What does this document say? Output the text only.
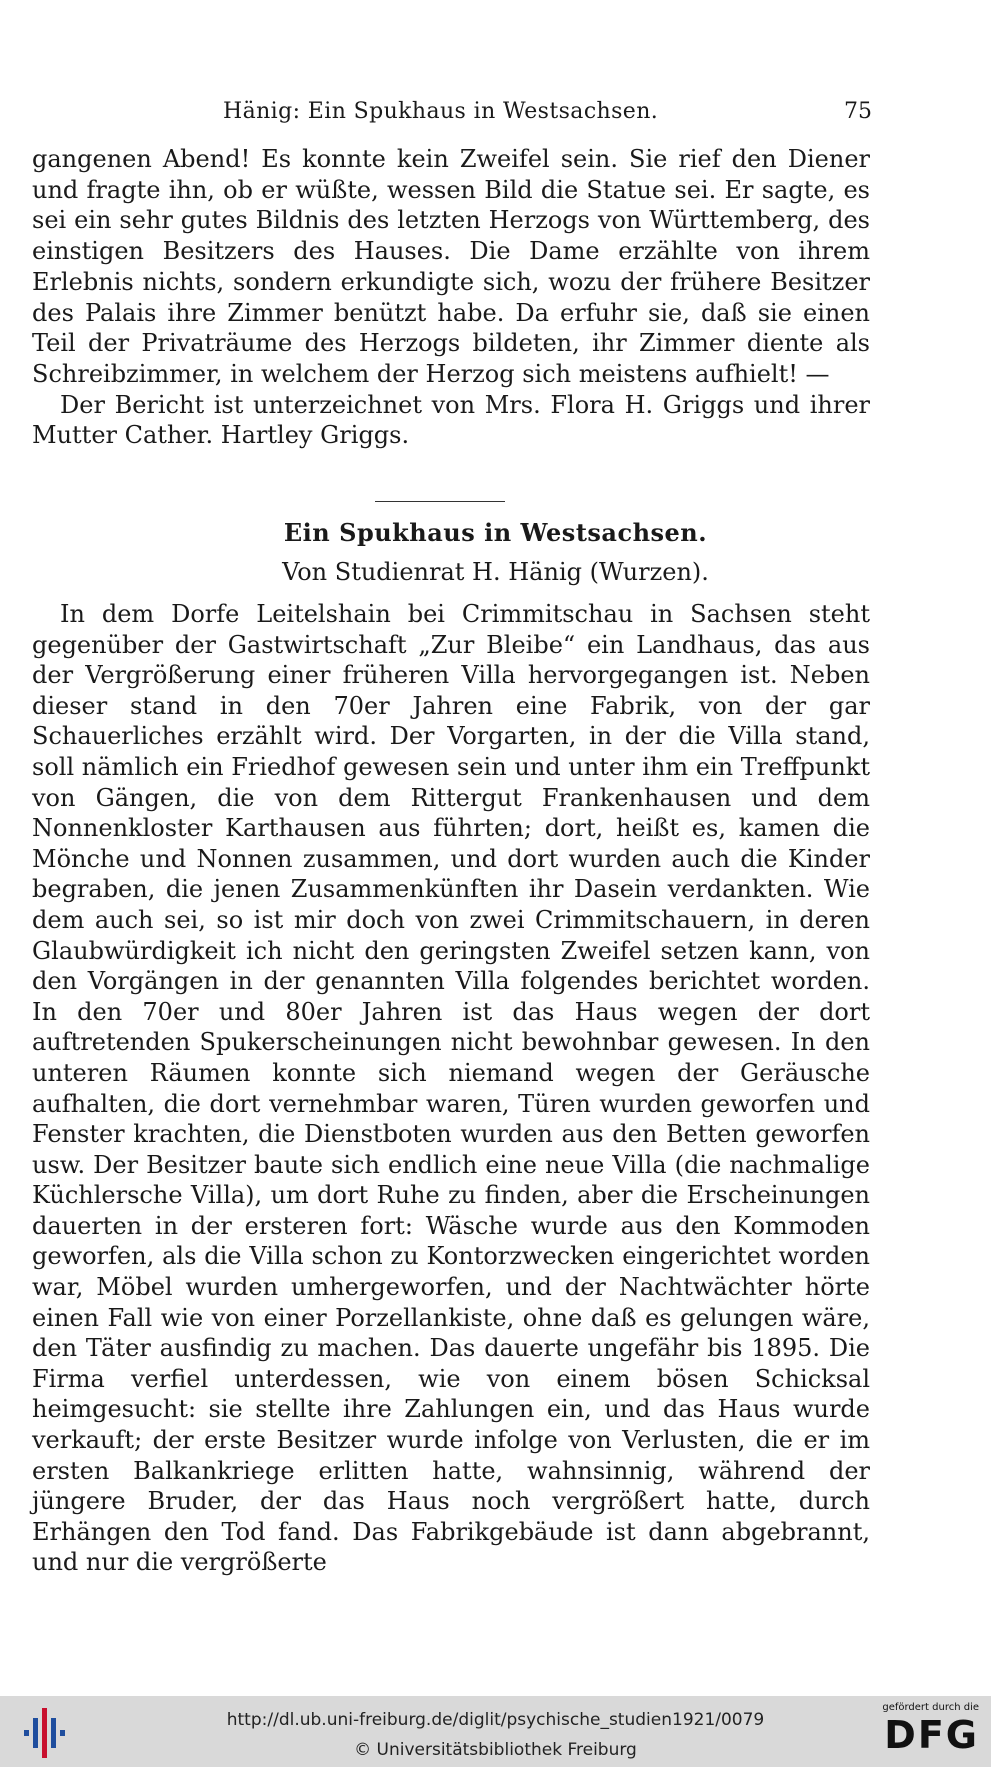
Hänig: Ein Spukhaus in Westsachsen.	75

gangenen Abend! Es konnte kein Zweifel sein. Sie rief den Diener und fragte ihn, ob er wüßte, wessen Bild die Statue sei. Er sagte, es sei ein sehr gutes Bildnis des letzten Herzogs von Württemberg, des einstigen Besitzers des Hauses. Die Dame erzählte von ihrem Erlebnis nichts, sondern erkundigte sich, wozu der frühere Besitzer des Palais ihre Zimmer benützt habe. Da erfuhr sie, daß sie einen Teil der Privaträume des Herzogs bildeten, ihr Zimmer diente als Schreibzimmer, in welchem der Herzog sich meistens aufhielt! —

Der Bericht ist unterzeichnet von Mrs. Flora H. Griggs und ihrer Mutter Cather. Hartley Griggs.

Ein Spukhaus in Westsachsen.
Von Studienrat H. Hänig (Wurzen).

In dem Dorfe Leitelshain bei Crimmitschau in Sachsen steht gegenüber der Gastwirtschaft „Zur Bleibe“ ein Landhaus, das aus der Vergrößerung einer früheren Villa hervorgegangen ist. Neben dieser stand in den 70er Jahren eine Fabrik, von der gar Schauerliches erzählt wird. Der Vorgarten, in der die Villa stand, soll nämlich ein Friedhof gewesen sein und unter ihm ein Treffpunkt von Gängen, die von dem Rittergut Frankenhausen und dem Nonnenkloster Karthausen aus führten; dort, heißt es, kamen die Mönche und Nonnen zusammen, und dort wurden auch die Kinder begraben, die jenen Zusammenkünften ihr Dasein verdankten. Wie dem auch sei, so ist mir doch von zwei Crimmitschauern, in deren Glaubwürdigkeit ich nicht den geringsten Zweifel setzen kann, von den Vorgängen in der genannten Villa folgendes berichtet worden. In den 70er und 80er Jahren ist das Haus wegen der dort auftretenden Spukerscheinungen nicht bewohnbar gewesen. In den unteren Räumen konnte sich niemand wegen der Geräusche aufhalten, die dort vernehmbar waren, Türen wurden geworfen und Fenster krachten, die Dienstboten wurden aus den Betten geworfen usw. Der Besitzer baute sich endlich eine neue Villa (die nachmalige Küchlersche Villa), um dort Ruhe zu finden, aber die Erscheinungen dauerten in der ersteren fort: Wäsche wurde aus den Kommoden geworfen, als die Villa schon zu Kontorzwecken eingerichtet worden war, Möbel wurden umhergeworfen, und der Nachtwächter hörte einen Fall wie von einer Porzellankiste, ohne daß es gelungen wäre, den Täter ausfindig zu machen. Das dauerte ungefähr bis 1895. Die Firma verfiel unterdessen, wie von einem bösen Schicksal heimgesucht: sie stellte ihre Zahlungen ein, und das Haus wurde verkauft; der erste Besitzer wurde infolge von Verlusten, die er im ersten Balkankriege erlitten hatte, wahnsinnig, während der jüngere Bruder, der das Haus noch vergrößert hatte, durch Erhängen den Tod fand. Das Fabrikgebäude ist dann abgebrannt, und nur die vergrößerte

http://dl.ub.uni-freiburg.de/diglit/psychische_studien1921/0079
© Universitätsbibliothek Freiburg
gefördert durch die
DFG
